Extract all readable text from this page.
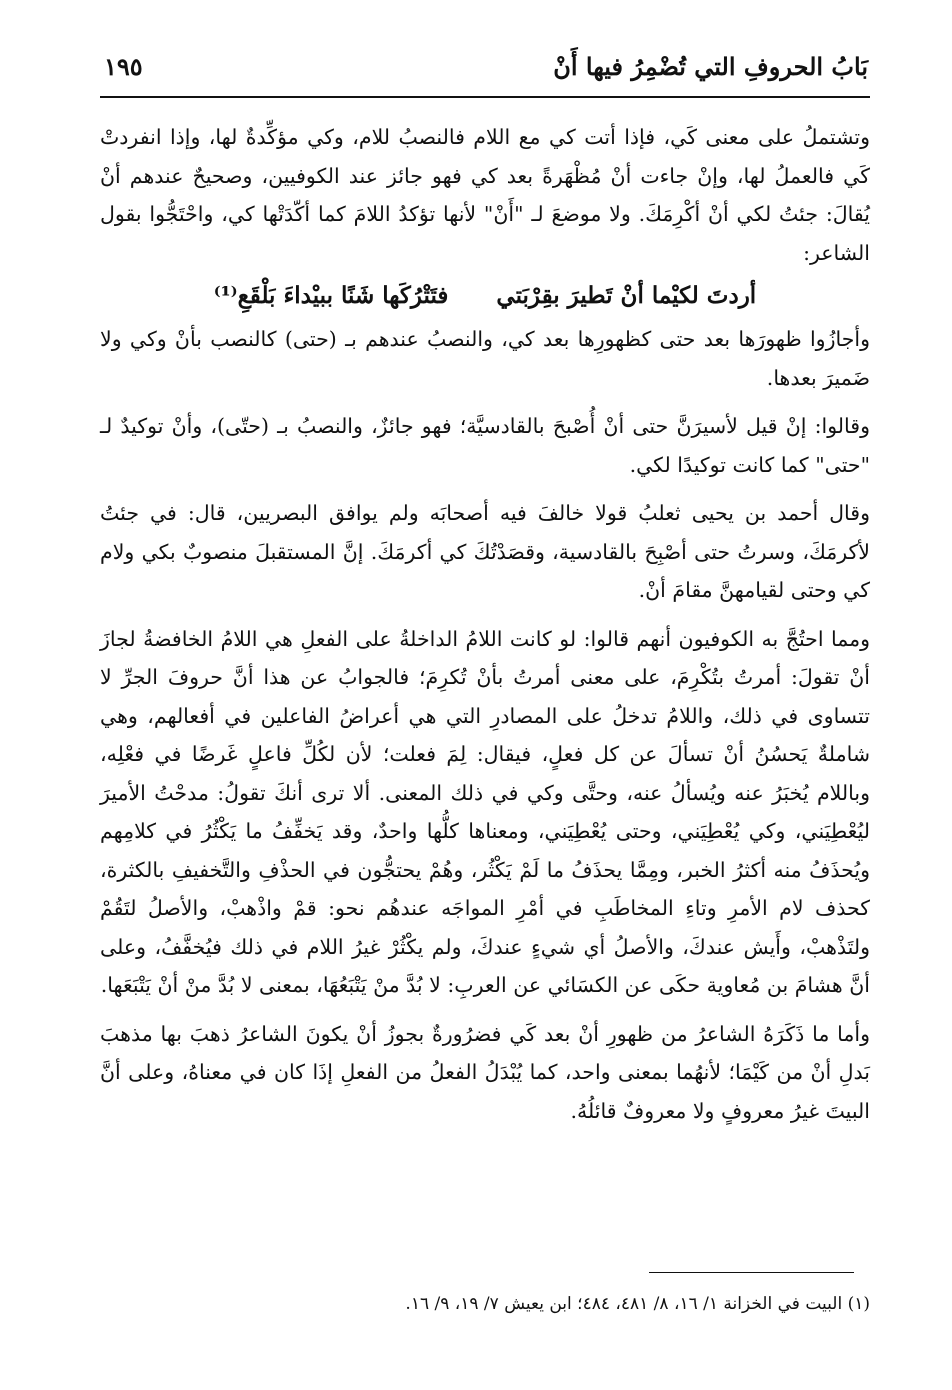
بَابُ الحروفِ التي تُضْمِرُ فيها أَنْ
١٩٥

وتشتملُ على معنى كَي، فإذا أتت كي مع اللام فالنصبُ للام، وكي مؤكِّدةٌ لها، وإذا انفردتْ كَي فالعملُ لها، وإنْ جاءت أنْ مُظْهَرةً بعد كي فهو جائز عند الكوفيين، وصحيحٌ عندهم أنْ يُقالَ: جئتُ لكي أنْ أكْرِمَكَ. ولا موضعَ لـ "أَنْ" لأنها تؤكدُ اللامَ كما أكّدَتْها كي، واحْتَجُّوا بقول الشاعر:

أردتَ لكيْما أنْ تَطيرَ بقِرْبَتي فتَتْرُكَها شَنًا ببيْداءَ بَلْقَعِ⁽¹⁾

وأجازُوا ظهورَها بعد حتى كظهورِها بعد كي، والنصبُ عندهم بـ (حتى) كالنصب بأنْ وكي ولا ضَميرَ بعدها.

وقالوا: إنْ قيل لأسيرَنَّ حتى أنْ أُصْبحَ بالقادسيَّة؛ فهو جائزٌ، والنصبُ بـ (حتّى)، وأنْ توكيدٌ لـ "حتى" كما كانت توكيدًا لكي.

وقال أحمد بن يحيى ثعلبُ قولا خالفَ فيه أصحابَه ولم يوافق البصريين، قال: في جئتُ لأكرمَكَ، وسرتُ حتى أصْبِحَ بالقادسية، وقصَدْتُكَ كي أكرمَكَ. إنَّ المستقبلَ منصوبٌ بكي ولام كي وحتى لقيامهنَّ مقامَ أنْ.

ومما احتُجَّ به الكوفيون أنهم قالوا: لو كانت اللامُ الداخلةُ على الفعلِ هي اللامُ الخافضةُ لجازَ أنْ تقولَ: أمرتُ بتُكْرِمَ، على معنى أمرتُ بأنْ تُكرِمَ؛ فالجوابُ عن هذا أنَّ حروفَ الجرِّ لا تتساوى في ذلك، واللامُ تدخلُ على المصادرِ التي هي أعراضُ الفاعلين في أفعالهم، وهي شاملةٌ يَحسُنُ أنْ تسألَ عن كل فعلٍ، فيقال: لِمَ فعلت؛ لأن لكُلِّ فاعلٍ غَرضًا في فعْلِه، وباللام يُخبَرُ عنه ويُسألُ عنه، وحتَّى وكي في ذلك المعنى. ألا ترى أنكَ تقولُ: مدحْتُ الأميرَ ليُعْطِيَني، وكي يُعْطِيَني، وحتى يُعْطِيَني، ومعناها كلُّها واحدٌ، وقد يَخفِّفُ ما يَكْثُرُ في كلامِهم ويُحذَفُ منه أكثرُ الخبر، ومِمَّا يحذَفُ ما لَمْ يَكْثُر، وهُمْ يحتجُّون في الحذْفِ والتَّخفيفِ بالكثرة، كحذف لام الأمرِ وتاءِ المخاطَبِ في أمْرِ المواجَه عندهُم نحو: قمْ واذْهبْ، والأصلُ لتَقُمْ ولتَذْهبْ، وأَيش عندكَ، والأصلُ أي شيءٍ عندكَ، ولم يكْثُرْ غيرُ اللام في ذلك فيُخفَّفُ، وعلى أنَّ هشامَ بن مُعاوية حكَى عن الكسَائي عن العربِ: لا بُدَّ منْ يَتْبَعُهَا، بمعنى لا بُدَّ منْ أنْ يَتْبَعَها.

وأما ما ذَكَرَهُ الشاعرُ من ظهورِ أنْ بعد كَي فضرُورةٌ بجوزُ أنْ يكونَ الشاعرُ ذهبَ بها مذهبَ بَدلِ أنْ من كَيْمَا؛ لأنهُما بمعنى واحد، كما يُبْدَلُ الفعلُ من الفعلِ إذَا كان في معناهُ، وعلى أنَّ البيتَ غيرُ معروفٍ ولا معروفٌ قائلُهُ.

(١) البيت في الخزانة ١/ ١٦، ٨/ ٤٨١، ٤٨٤؛ ابن يعيش ٧/ ١٩، ٩/ ١٦.
